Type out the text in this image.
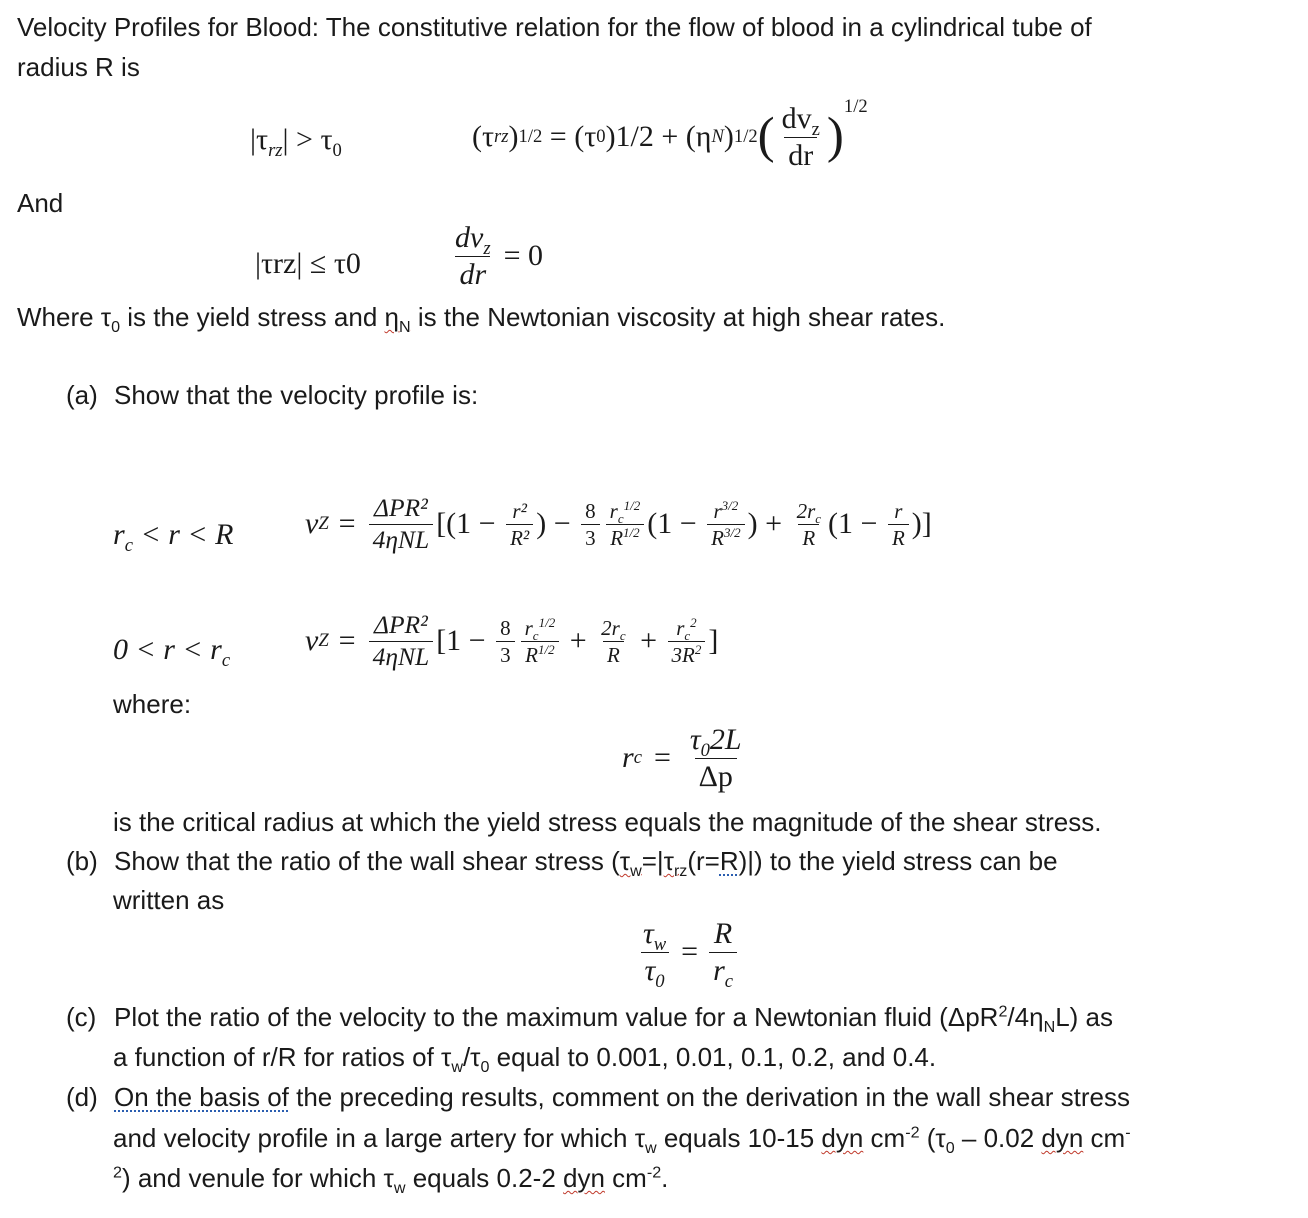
Velocity Profiles for Blood: The constitutive relation for the flow of blood in a cylindrical tube of
radius R is
$|\tau_{rz}| > \tau_0$	(τ rz ) 1/2
= (τ 0 )1/2 + (η N ) 1/2 ( $\frac{dv_z}{dr}$ )
$^{1/2}$
And
|τrz| ≤ τ0	$\frac{dv_z}{dr} = 0$
Where $\tau_0$ is the yield stress and $\eta_N$ is the Newtonian viscosity at high shear rates.
(a) Show that the velocity profile is:
$r_c < r < R$ v $Z = \frac{\text{ΔPR²}}{\text{4ηNL}} [(1 - \frac{\text{r²}}{\text{R²}}$ ) − $\frac{8}{3} \frac{r_c^{1/2}}{R^{1/2}} (1 - \frac{r^{3/2}}{R^{3/2}}$ ) + $\frac{2r_c}{R} (1 - \frac{r}{R}$ )]
$0 < r < r_c$
v $Z = \frac{\text{ΔPR²}}{\text{4ηNL}} [1 - \frac{8}{3} \frac{r_c^{1/2}}{R^{1/2}} + \frac{2r_c}{R} + \frac{r_c^2}{3R^2}$ ]
where:
r $c = \frac{\tau_02L}{\Delta p}$
is the critical radius at which the yield stress equals the magnitude of the shear stress.
(b) Show that the ratio of the wall shear stress $(\tau_w=|\tau_{rz}(r=R)|)$ to the yield stress can be
written as
$\frac{\tau_w}{\tau_0} = \frac{R}{r_c}$
(c) Plot the ratio of the velocity to the maximum value for a Newtonian fluid $(\Delta pR^2/4\eta_NL)$ as
a function of r/R for ratios of $\tau_w/\tau_0$ equal to 0.001, 0.01, 0.1, 0.2, and 0.4.
(d) On the basis of the preceding results, comment on the derivation in the wall shear stress
and velocity profile in a large artery for which $\tau_w$ equals 10-15 dyn $cm^{-2}$ ($\tau_0 - 0.02$ dyn cm-
$^2$) and venule for which $\tau_w$ equals 0.2-2 dyn $cm^{-2}$.
